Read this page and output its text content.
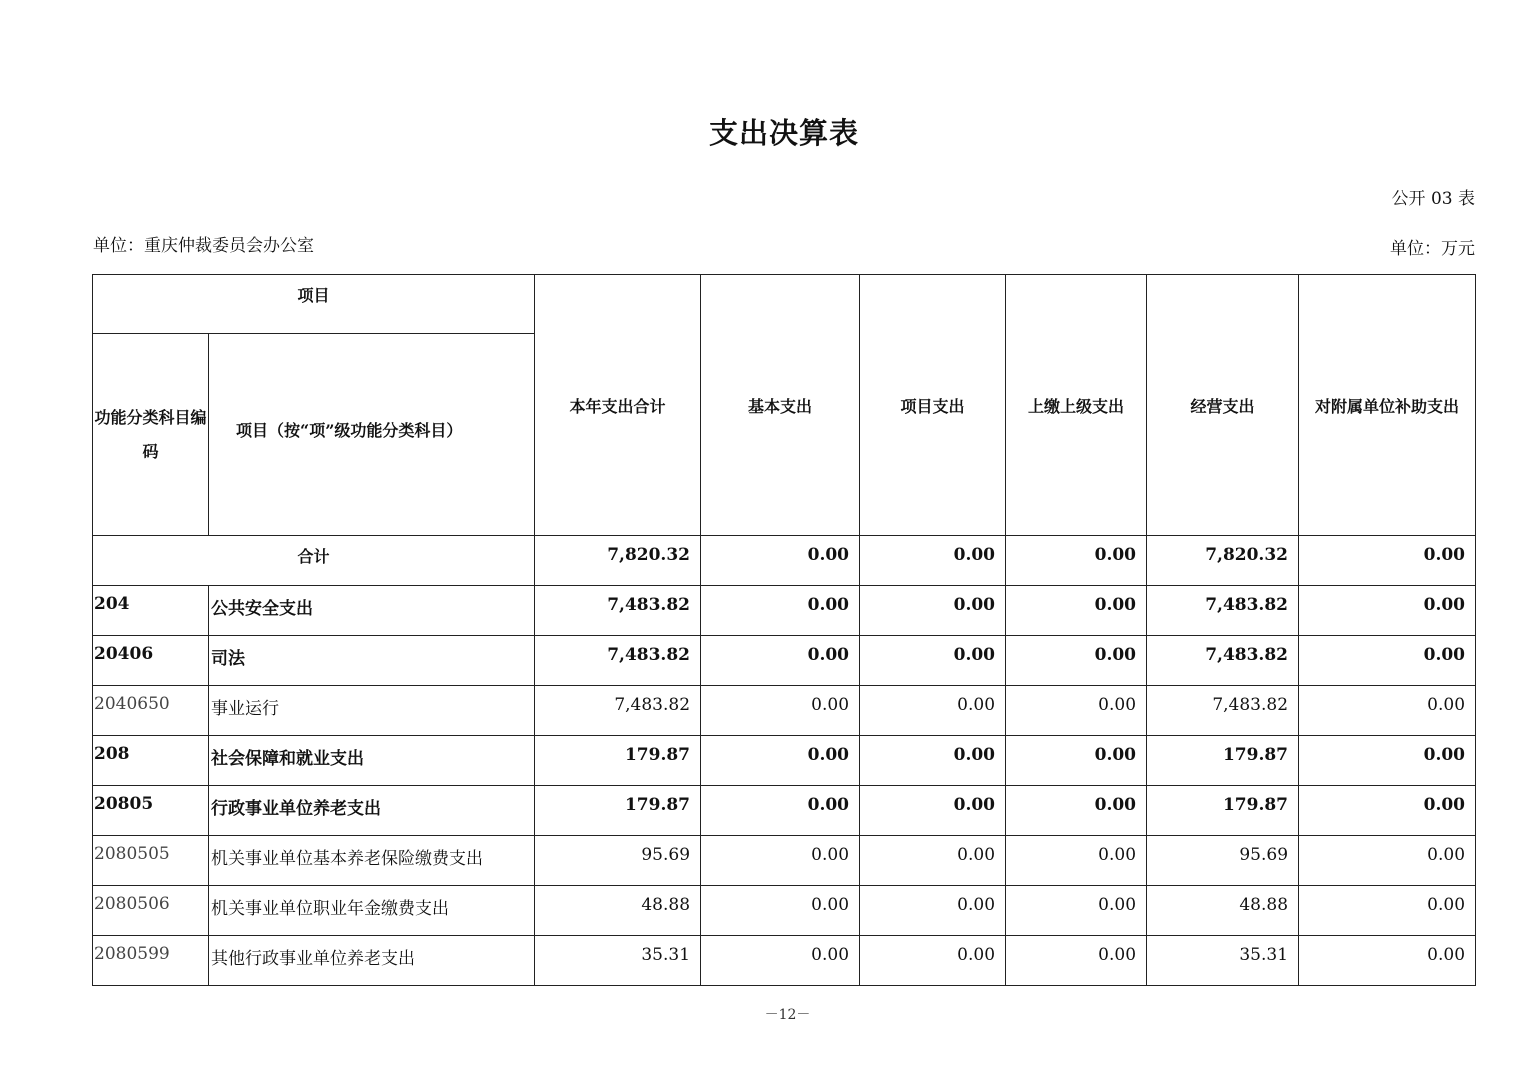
支出决算表
公开 03 表
单位：重庆仲裁委员会办公室	单位：万元
项目		本年支出合计	基本支出	项目支出	上缴上级支出	经营支出	对附属单位补助支出
功能分类科目编码	项目（按“项”级功能分类科目）						
合计		7,820.32	0.00	0.00	0.00	7,820.32	0.00
204	公共安全支出	7,483.82	0.00	0.00	0.00	7,483.82	0.00
20406	司法	7,483.82	0.00	0.00	0.00	7,483.82	0.00
2040650	事业运行	7,483.82	0.00	0.00	0.00	7,483.82	0.00
208	社会保障和就业支出	179.87	0.00	0.00	0.00	179.87	0.00
20805	行政事业单位养老支出	179.87	0.00	0.00	0.00	179.87	0.00
2080505	机关事业单位基本养老保险缴费支出	95.69	0.00	0.00	0.00	95.69	0.00
2080506	机关事业单位职业年金缴费支出	48.88	0.00	0.00	0.00	48.88	0.00
2080599	其他行政事业单位养老支出	35.31	0.00	0.00	0.00	35.31	0.00
－12－
